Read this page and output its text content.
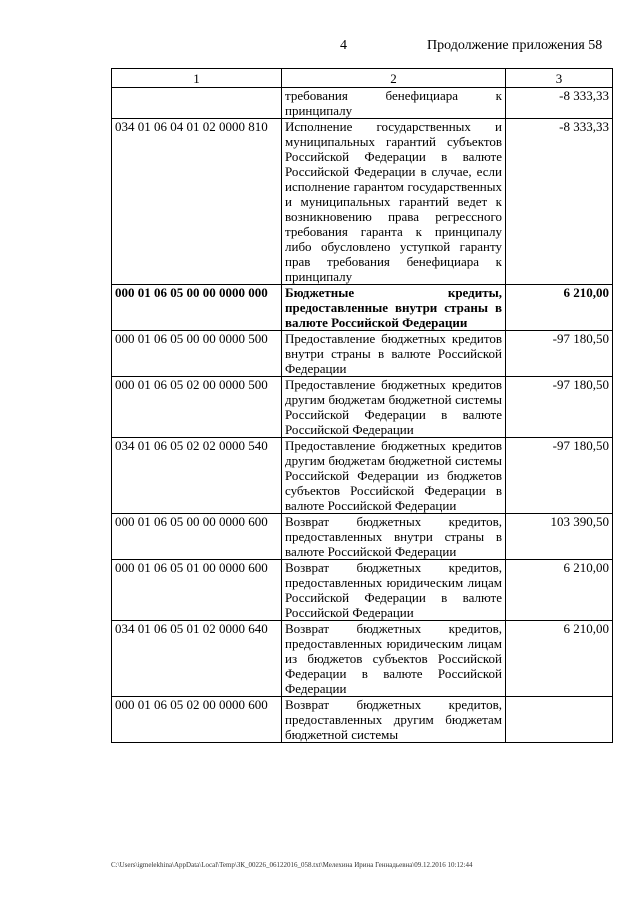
4	Продолжение приложения 58
1	2	3
	требования бенефициара к принципалу	-8 333,33
034 01 06 04 01 02 0000 810	Исполнение государственных и муниципальных гарантий субъектов Российской Федерации в валюте Российской Федерации в случае, если исполнение гарантом государственных и муниципальных гарантий ведет к возникновению права регрессного требования гаранта к принципалу либо обусловлено уступкой гаранту прав требования бенефициара к принципалу	-8 333,33
000 01 06 05 00 00 0000 000	Бюджетные кредиты, предоставленные внутри страны в валюте Российской Федерации	6 210,00
000 01 06 05 00 00 0000 500	Предоставление бюджетных кредитов внутри страны в валюте Российской Федерации	-97 180,50
000 01 06 05 02 00 0000 500	Предоставление бюджетных кредитов другим бюджетам бюджетной системы Российской Федерации в валюте Российской Федерации	-97 180,50
034 01 06 05 02 02 0000 540	Предоставление бюджетных кредитов другим бюджетам бюджетной системы Российской Федерации из бюджетов субъектов Российской Федерации в валюте Российской Федерации	-97 180,50
000 01 06 05 00 00 0000 600	Возврат бюджетных кредитов, предоставленных внутри страны в валюте Российской Федерации	103 390,50
000 01 06 05 01 00 0000 600	Возврат бюджетных кредитов, предоставленных юридическим лицам Российской Федерации в валюте Российской Федерации	6 210,00
034 01 06 05 01 02 0000 640	Возврат бюджетных кредитов, предоставленных юридическим лицам из бюджетов субъектов Российской Федерации в валюте Российской Федерации	6 210,00
000 01 06 05 02 00 0000 600	Возврат бюджетных кредитов, предоставленных другим бюджетам бюджетной системы	
C:\Users\igmelekhina\AppData\Local\Temp\ЗК_00226_06122016_058.txt\Мелехина Ирина Геннадьевна\09.12.2016 10:12:44
